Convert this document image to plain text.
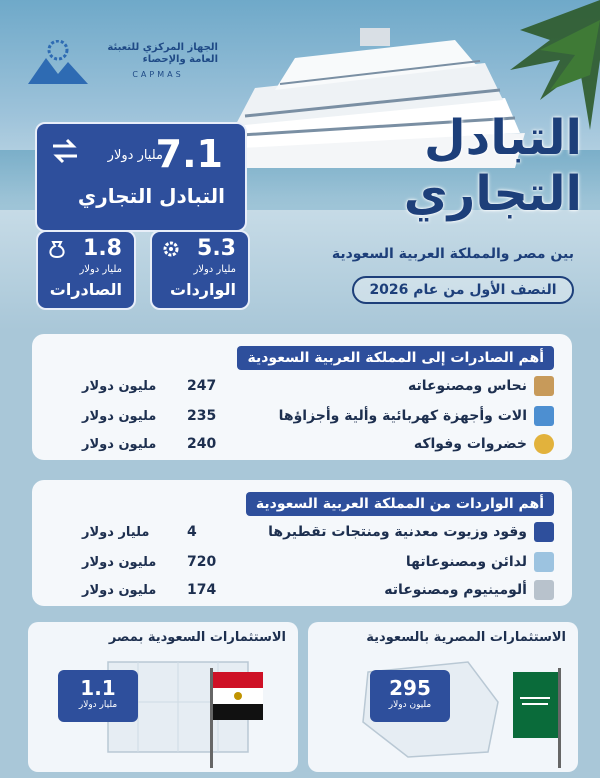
الجهاز المركزي للتعبئة العامة والإحصاء
CAPMAS
التبادل
التجاري
بين مصر والمملكة العربية السعودية
النصف الأول من عام 2026
7.1
مليار دولار
التبادل التجاري
5.3
مليار دولار
الواردات
1.8
مليار دولار
الصادرات
أهم الصادرات إلى المملكة العربية السعودية
نحاس ومصنوعاته
247
مليون دولار
الات وأجهزة كهربائية وألية وأجزاؤها
235
مليون دولار
خضروات وفواكه
240
مليون دولار
أهم الواردات من المملكة العربية السعودية
وقود وزيوت معدنية ومنتجات تقطيرها
4
مليار دولار
لدائن ومصنوعاتها
720
مليون دولار
ألومينيوم ومصنوعاته
174
مليون دولار
الاستثمارات السعودية بمصر
1.1
مليار دولار
الاستثمارات المصرية بالسعودية
295
مليون دولار
